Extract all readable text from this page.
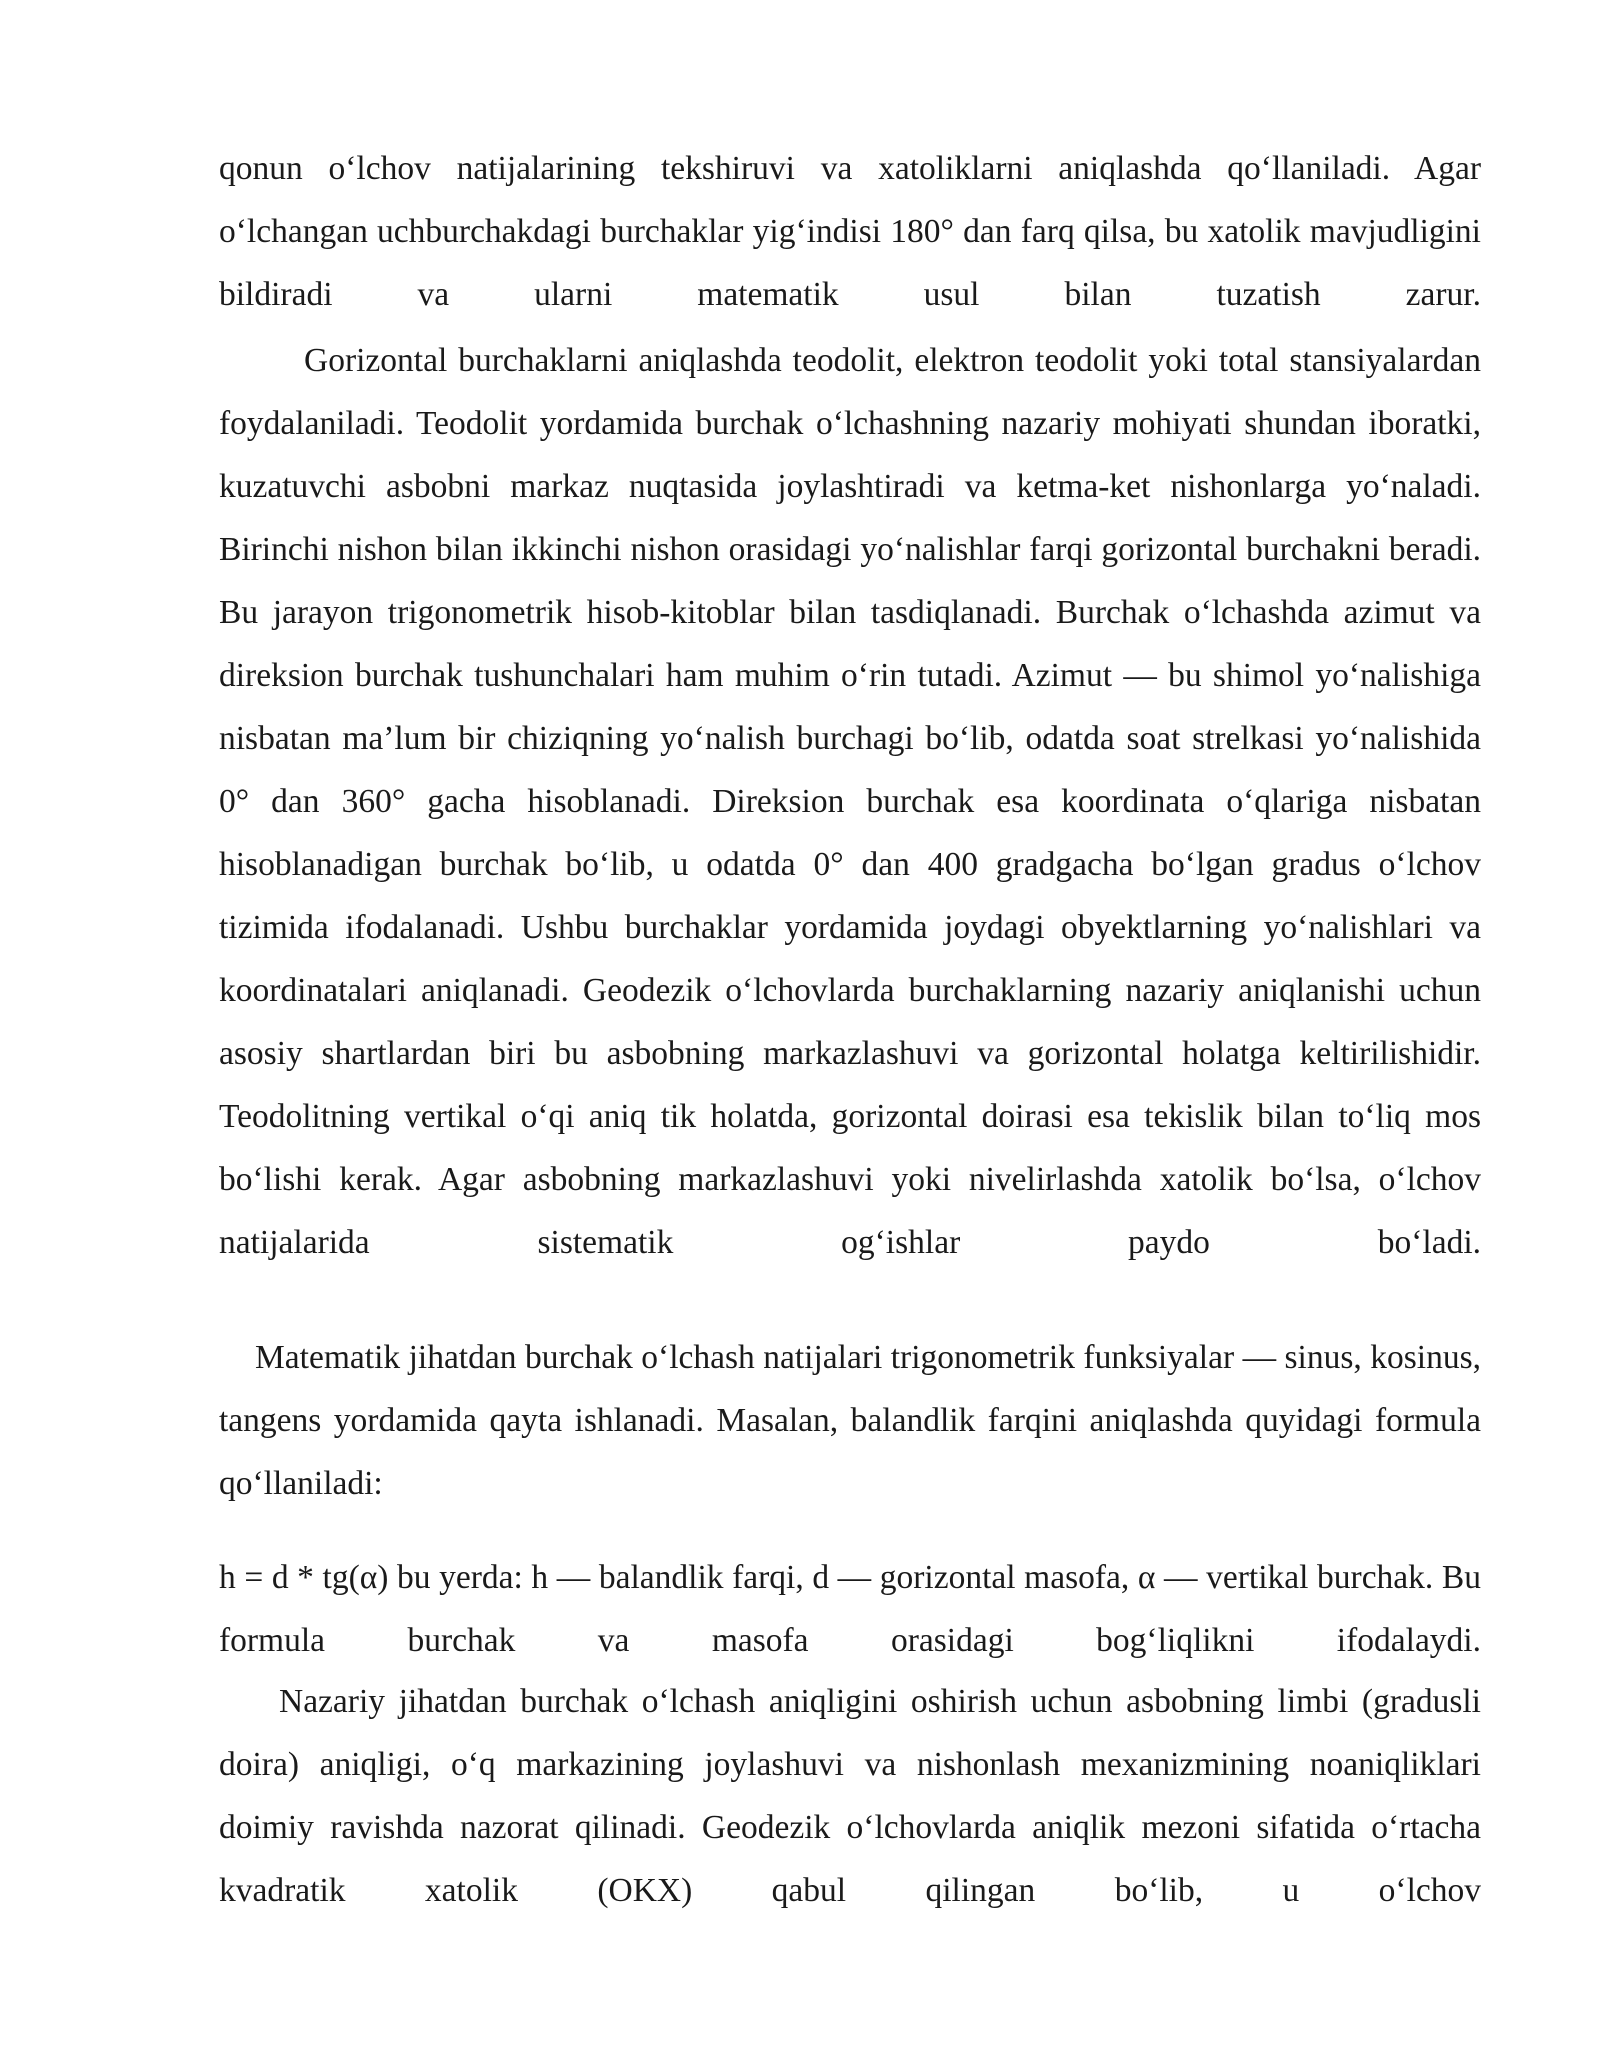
qonun o‘lchov natijalarining tekshiruvi va xatoliklarni aniqlashda qo‘llaniladi. Agar o‘lchangan uchburchakdagi burchaklar yig‘indisi 180° dan farq qilsa, bu xatolik mavjudligini bildiradi va ularni matematik usul bilan tuzatish zarur.

Gorizontal burchaklarni aniqlashda teodolit, elektron teodolit yoki total stansiyalardan foydalaniladi. Teodolit yordamida burchak o‘lchashning nazariy mohiyati shundan iboratki, kuzatuvchi asbobni markaz nuqtasida joylashtiradi va ketma-ket nishonlarga yo‘naladi. Birinchi nishon bilan ikkinchi nishon orasidagi yo‘nalishlar farqi gorizontal burchakni beradi. Bu jarayon trigonometrik hisob-kitoblar bilan tasdiqlanadi. Burchak o‘lchashda azimut va direksion burchak tushunchalari ham muhim o‘rin tutadi. Azimut — bu shimol yo‘nalishiga nisbatan ma’lum bir chiziqning yo‘nalish burchagi bo‘lib, odatda soat strelkasi yo‘nalishida 0° dan 360° gacha hisoblanadi. Direksion burchak esa koordinata o‘qlariga nisbatan hisoblanadigan burchak bo‘lib, u odatda 0° dan 400 gradgacha bo‘lgan gradus o‘lchov tizimida ifodalanadi. Ushbu burchaklar yordamida joydagi obyektlarning yo‘nalishlari va koordinatalari aniqlanadi. Geodezik o‘lchovlarda burchaklarning nazariy aniqlanishi uchun asosiy shartlardan biri bu asbobning markazlashuvi va gorizontal holatga keltirilishidir. Teodolitning vertikal o‘qi aniq tik holatda, gorizontal doirasi esa tekislik bilan to‘liq mos bo‘lishi kerak. Agar asbobning markazlashuvi yoki nivelirlashda xatolik bo‘lsa, o‘lchov natijalarida sistematik og‘ishlar paydo bo‘ladi.

Matematik jihatdan burchak o‘lchash natijalari trigonometrik funksiyalar — sinus, kosinus, tangens yordamida qayta ishlanadi. Masalan, balandlik farqini aniqlashda quyidagi formula qo‘llaniladi:

h = d * tg(α) bu yerda: h — balandlik farqi, d — gorizontal masofa, α — vertikal burchak. Bu formula burchak va masofa orasidagi bog‘liqlikni ifodalaydi.

Nazariy jihatdan burchak o‘lchash aniqligini oshirish uchun asbobning limbi (gradusli doira) aniqligi, o‘q markazining joylashuvi va nishonlash mexanizmining noaniqliklari doimiy ravishda nazorat qilinadi. Geodezik o‘lchovlarda aniqlik mezoni sifatida o‘rtacha kvadratik xatolik (OKX) qabul qilingan bo‘lib, u o‘lchov
